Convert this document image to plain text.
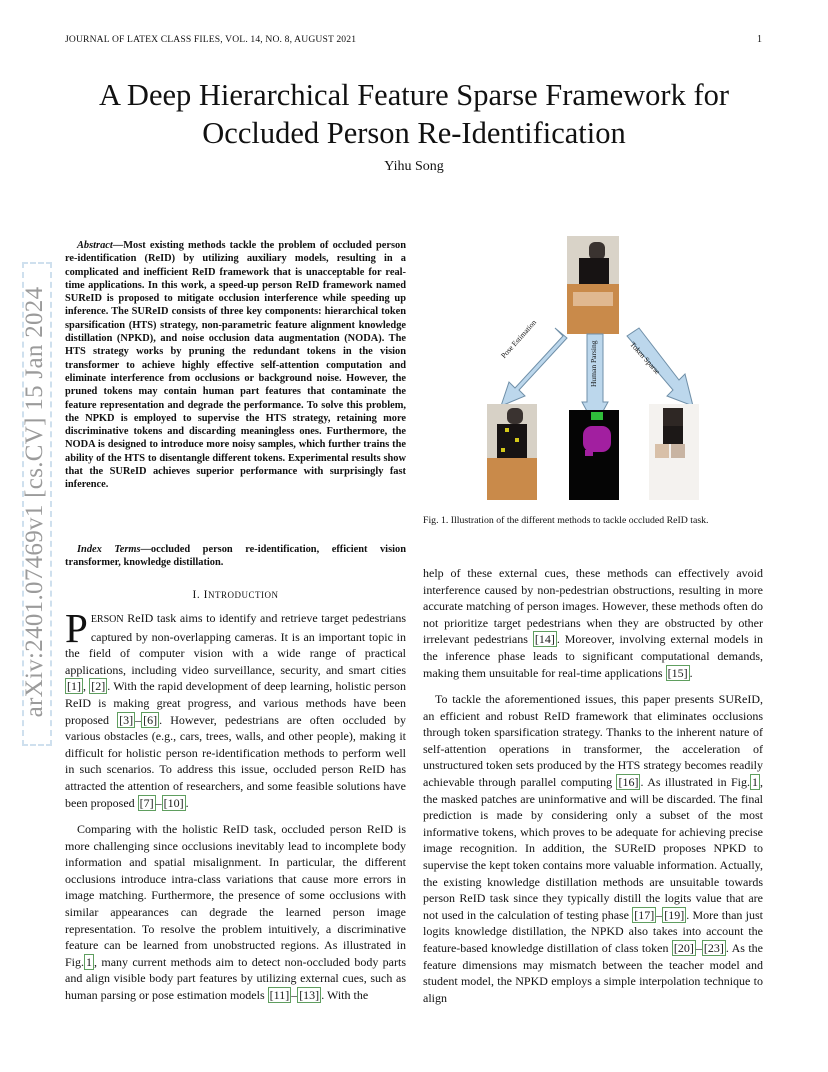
JOURNAL OF LATEX CLASS FILES, VOL. 14, NO. 8, AUGUST 2021	1
A Deep Hierarchical Feature Sparse Framework for
Occluded Person Re-Identification
Yihu Song
arXiv:2401.07469v1 [cs.CV] 15 Jan 2024
Abstract—Most existing methods tackle the problem of occluded person re-identification (ReID) by utilizing auxiliary models, resulting in a complicated and inefficient ReID framework that is unacceptable for real-time applications. In this work, a speed-up person ReID framework named SUReID is proposed to mitigate occlusion interference while speeding up inference. The SUReID consists of three key components: hierarchical token sparsification (HTS) strategy, non-parametric feature alignment knowledge distillation (NPKD), and noise occlusion data augmentation (NODA). The HTS strategy works by pruning the redundant tokens in the vision transformer to achieve highly effective self-attention computation and eliminate interference from occlusions or background noise. However, the pruned tokens may contain human part features that contaminate the feature representation and degrade the performance. To solve this problem, the NPKD is employed to supervise the HTS strategy, retaining more discriminative tokens and discarding meaningless ones. Furthermore, the NODA is designed to introduce more noisy samples, which further trains the ability of the HTS to disentangle different tokens. Experimental results show that the SUReID achieves superior performance with surprisingly fast inference.
Index Terms—occluded person re-identification, efficient vision transformer, knowledge distillation.
I. INTRODUCTION
PERSON ReID task aims to identify and retrieve target pedestrians captured by non-overlapping cameras. It is an important topic in the field of computer vision with a wide range of practical applications, including video surveillance, security, and smart cities [1] , [2] . With the rapid development of deep learning, holistic person ReID is making great progress, and various methods have been proposed [3] – [6] . However, pedestrians are often occluded by various obstacles (e.g., cars, trees, walls, and other people), making it difficult for holistic person re-identification methods to perform well in such scenarios. To address this issue, occluded person ReID has attracted the attention of researchers, and some feasible solutions have been proposed [7] – [10] .
Comparing with the holistic ReID task, occluded person ReID is more challenging since occlusions inevitably lead to incomplete body information and spatial misalignment. In particular, the different occlusions introduce intra-class variations that cause more errors in image matching. Furthermore, the presence of some occlusions with similar appearances can degrade the learned person image representation. To resolve the problem intuitively, a discriminative feature can be learned from unobstructed regions. As illustrated in Fig. 1 , many current methods aim to detect non-occluded body parts and align visible body part features by utilizing external cues, such as human parsing or pose estimation models [11] – [13] . With the
Pose Estimation
Human Parsing	Token Sparse
Fig. 1. Illustration of the different methods to tackle occluded ReID task.
help of these external cues, these methods can effectively avoid interference caused by non-pedestrian obstructions, resulting in more accurate matching of person images. However, these methods often do not prioritize target pedestrians when they are obstructed by other irrelevant pedestrians [14] . Moreover, involving external models in the inference phase leads to significant computational demands, making them unsuitable for real-time applications [15] .
To tackle the aforementioned issues, this paper presents SUReID, an efficient and robust ReID framework that eliminates occlusions through token sparsification strategy. Thanks to the inherent nature of self-attention operations in transformer, the acceleration of unstructured token sets produced by the HTS strategy becomes readily achievable through parallel computing [16] . As illustrated in Fig. 1 , the masked patches are uninformative and will be discarded. The final prediction is made by considering only a subset of the most informative tokens, which proves to be adequate for achieving precise image recognition. In addition, the SUReID proposes NPKD to supervise the kept token contains more valuable information. Actually, the existing knowledge distillation methods are unsuitable towards person ReID task since they typically distill the logits value that are not used in the calculation of testing phase [17] – [19] . More than just logits knowledge distillation, the NPKD also takes into account the feature-based knowledge distillation of class token [20] – [23] . As the feature dimensions may mismatch between the teacher model and student model, the NPKD employs a simple interpolation technique to align
